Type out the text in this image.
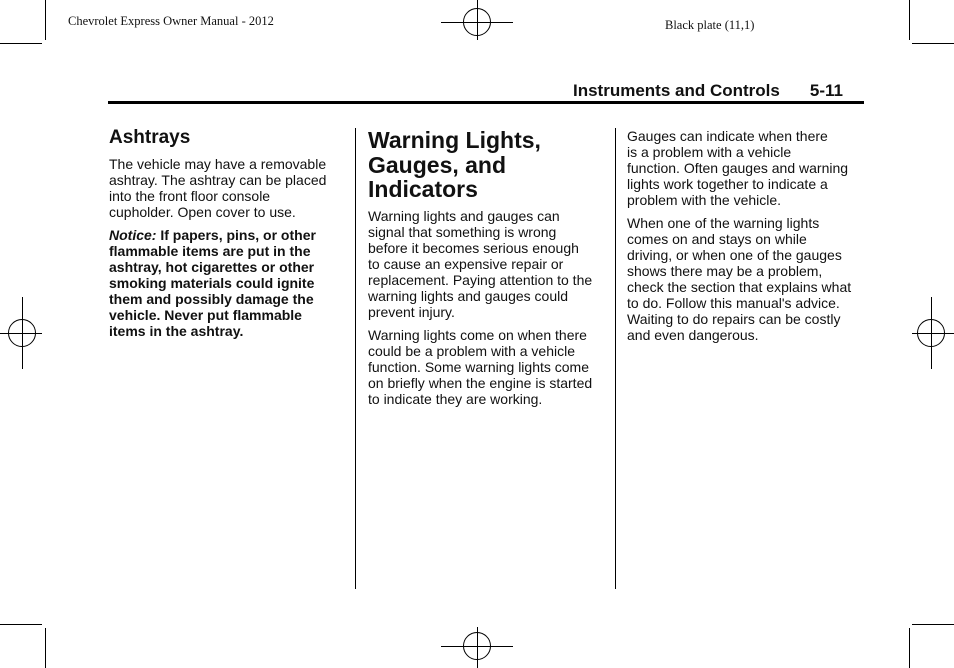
Chevrolet Express Owner Manual - 2012	Black plate (11,1)
Instruments and Controls 5-11
Ashtrays

The vehicle may have a removable
ashtray. The ashtray can be placed
into the front floor console
cupholder. Open cover to use.

Notice: If papers, pins, or other
flammable items are put in the
ashtray, hot cigarettes or other
smoking materials could ignite
them and possibly damage the
vehicle. Never put flammable
items in the ashtray.

Warning Lights,
Gauges, and
Indicators

Warning lights and gauges can
signal that something is wrong
before it becomes serious enough
to cause an expensive repair or
replacement. Paying attention to the
warning lights and gauges could
prevent injury.

Warning lights come on when there
could be a problem with a vehicle
function. Some warning lights come
on briefly when the engine is started
to indicate they are working.

Gauges can indicate when there
is a problem with a vehicle
function. Often gauges and warning
lights work together to indicate a
problem with the vehicle.

When one of the warning lights
comes on and stays on while
driving, or when one of the gauges
shows there may be a problem,
check the section that explains what
to do. Follow this manual's advice.
Waiting to do repairs can be costly
and even dangerous.
